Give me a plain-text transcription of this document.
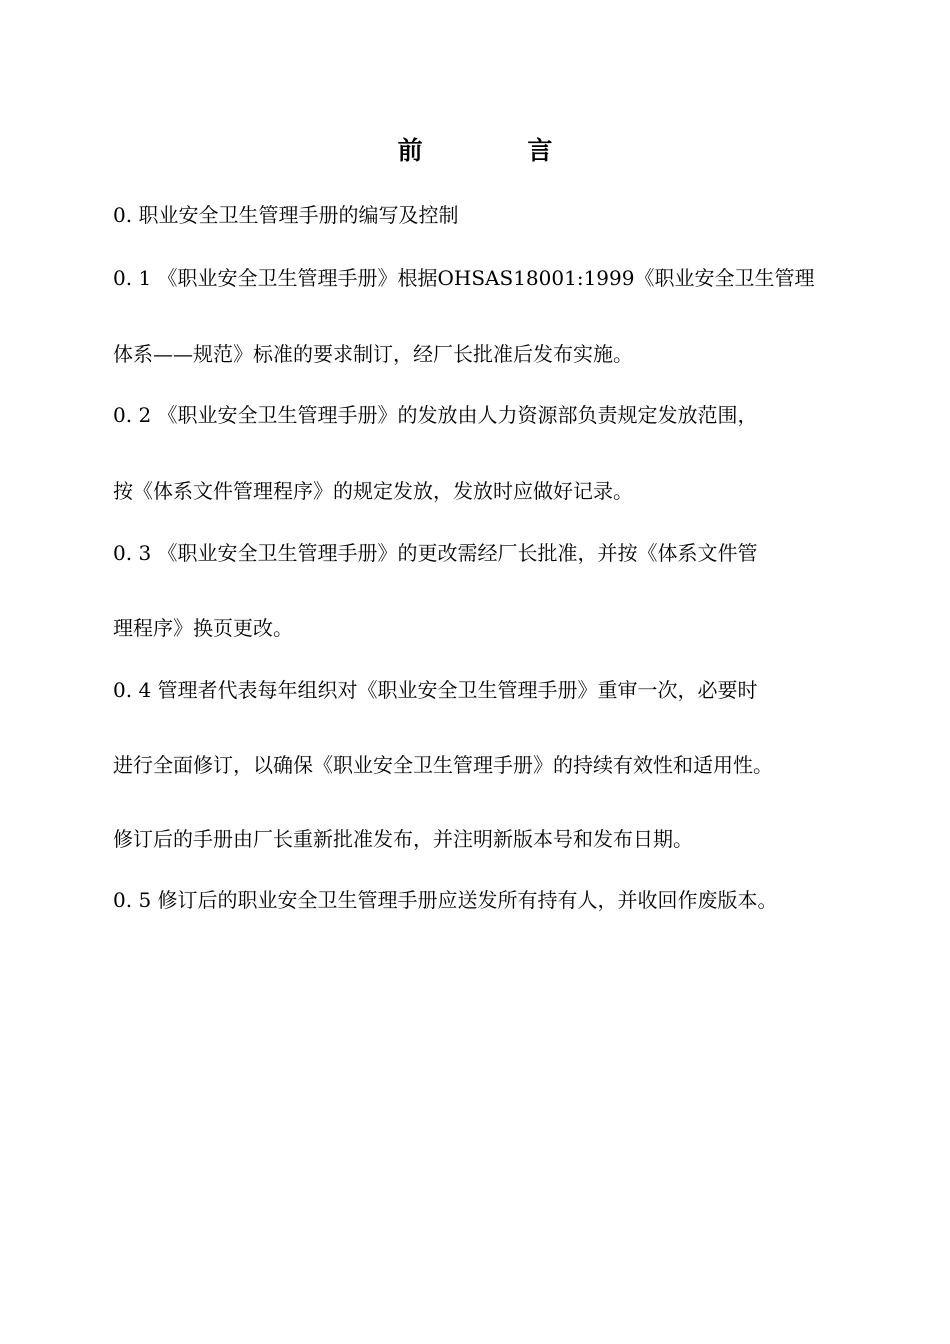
前 言
0. 职业安全卫生管理手册的编写及控制
0. 1 《职业安全卫生管理手册》根据OHSAS18001:1999《职业安全卫生管理
体系——规范》标准的要求制订，经厂长批准后发布实施。
0. 2 《职业安全卫生管理手册》的发放由人力资源部负责规定发放范围，
按《体系文件管理程序》的规定发放，发放时应做好记录。
0. 3 《职业安全卫生管理手册》的更改需经厂长批准，并按《体系文件管
理程序》换页更改。
0. 4 管理者代表每年组织对《职业安全卫生管理手册》重审一次，必要时
进行全面修订，以确保《职业安全卫生管理手册》的持续有效性和适用性。
修订后的手册由厂长重新批准发布，并注明新版本号和发布日期。
0. 5 修订后的职业安全卫生管理手册应送发所有持有人，并收回作废版本。
